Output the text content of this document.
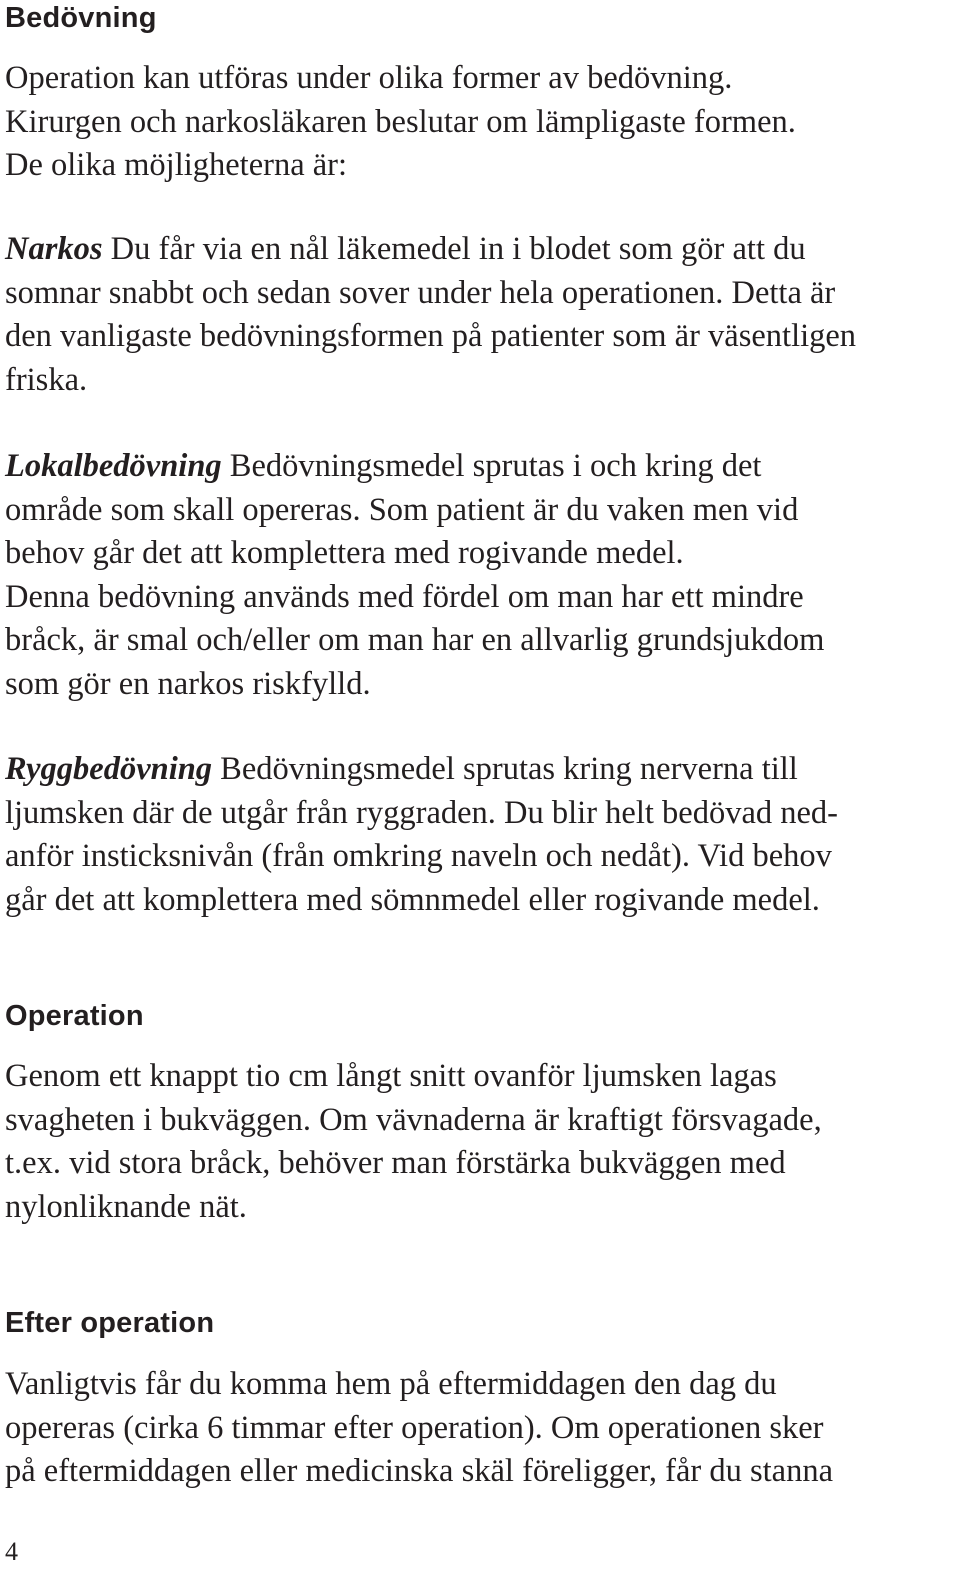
Bedövning

Operation kan utföras under olika former av bedövning.
Kirurgen och narkosläkaren beslutar om lämpligaste formen.
De olika möjligheterna är:

Narkos Du får via en nål läkemedel in i blodet som gör att du
somnar snabbt och sedan sover under hela operationen. Detta är
den vanligaste bedövningsformen på patienter som är väsentligen
friska.

Lokalbedövning Bedövningsmedel sprutas i och kring det
område som skall opereras. Som patient är du vaken men vid
behov går det att komplettera med rogivande medel.
Denna bedövning används med fördel om man har ett mindre
bråck, är smal och/eller om man har en allvarlig grundsjukdom
som gör en narkos riskfylld.

Ryggbedövning Bedövningsmedel sprutas kring nerverna till
ljumsken där de utgår från ryggraden. Du blir helt bedövad ned-
anför insticksnivån (från omkring naveln och nedåt). Vid behov
går det att komplettera med sömnmedel eller rogivande medel.

Operation

Genom ett knappt tio cm långt snitt ovanför ljumsken lagas
svagheten i bukväggen. Om vävnaderna är kraftigt försvagade,
t.ex. vid stora bråck, behöver man förstärka bukväggen med
nylonliknande nät.

Efter operation

Vanligtvis får du komma hem på eftermiddagen den dag du
opereras (cirka 6 timmar efter operation). Om operationen sker
på eftermiddagen eller medicinska skäl föreligger, får du stanna

4
